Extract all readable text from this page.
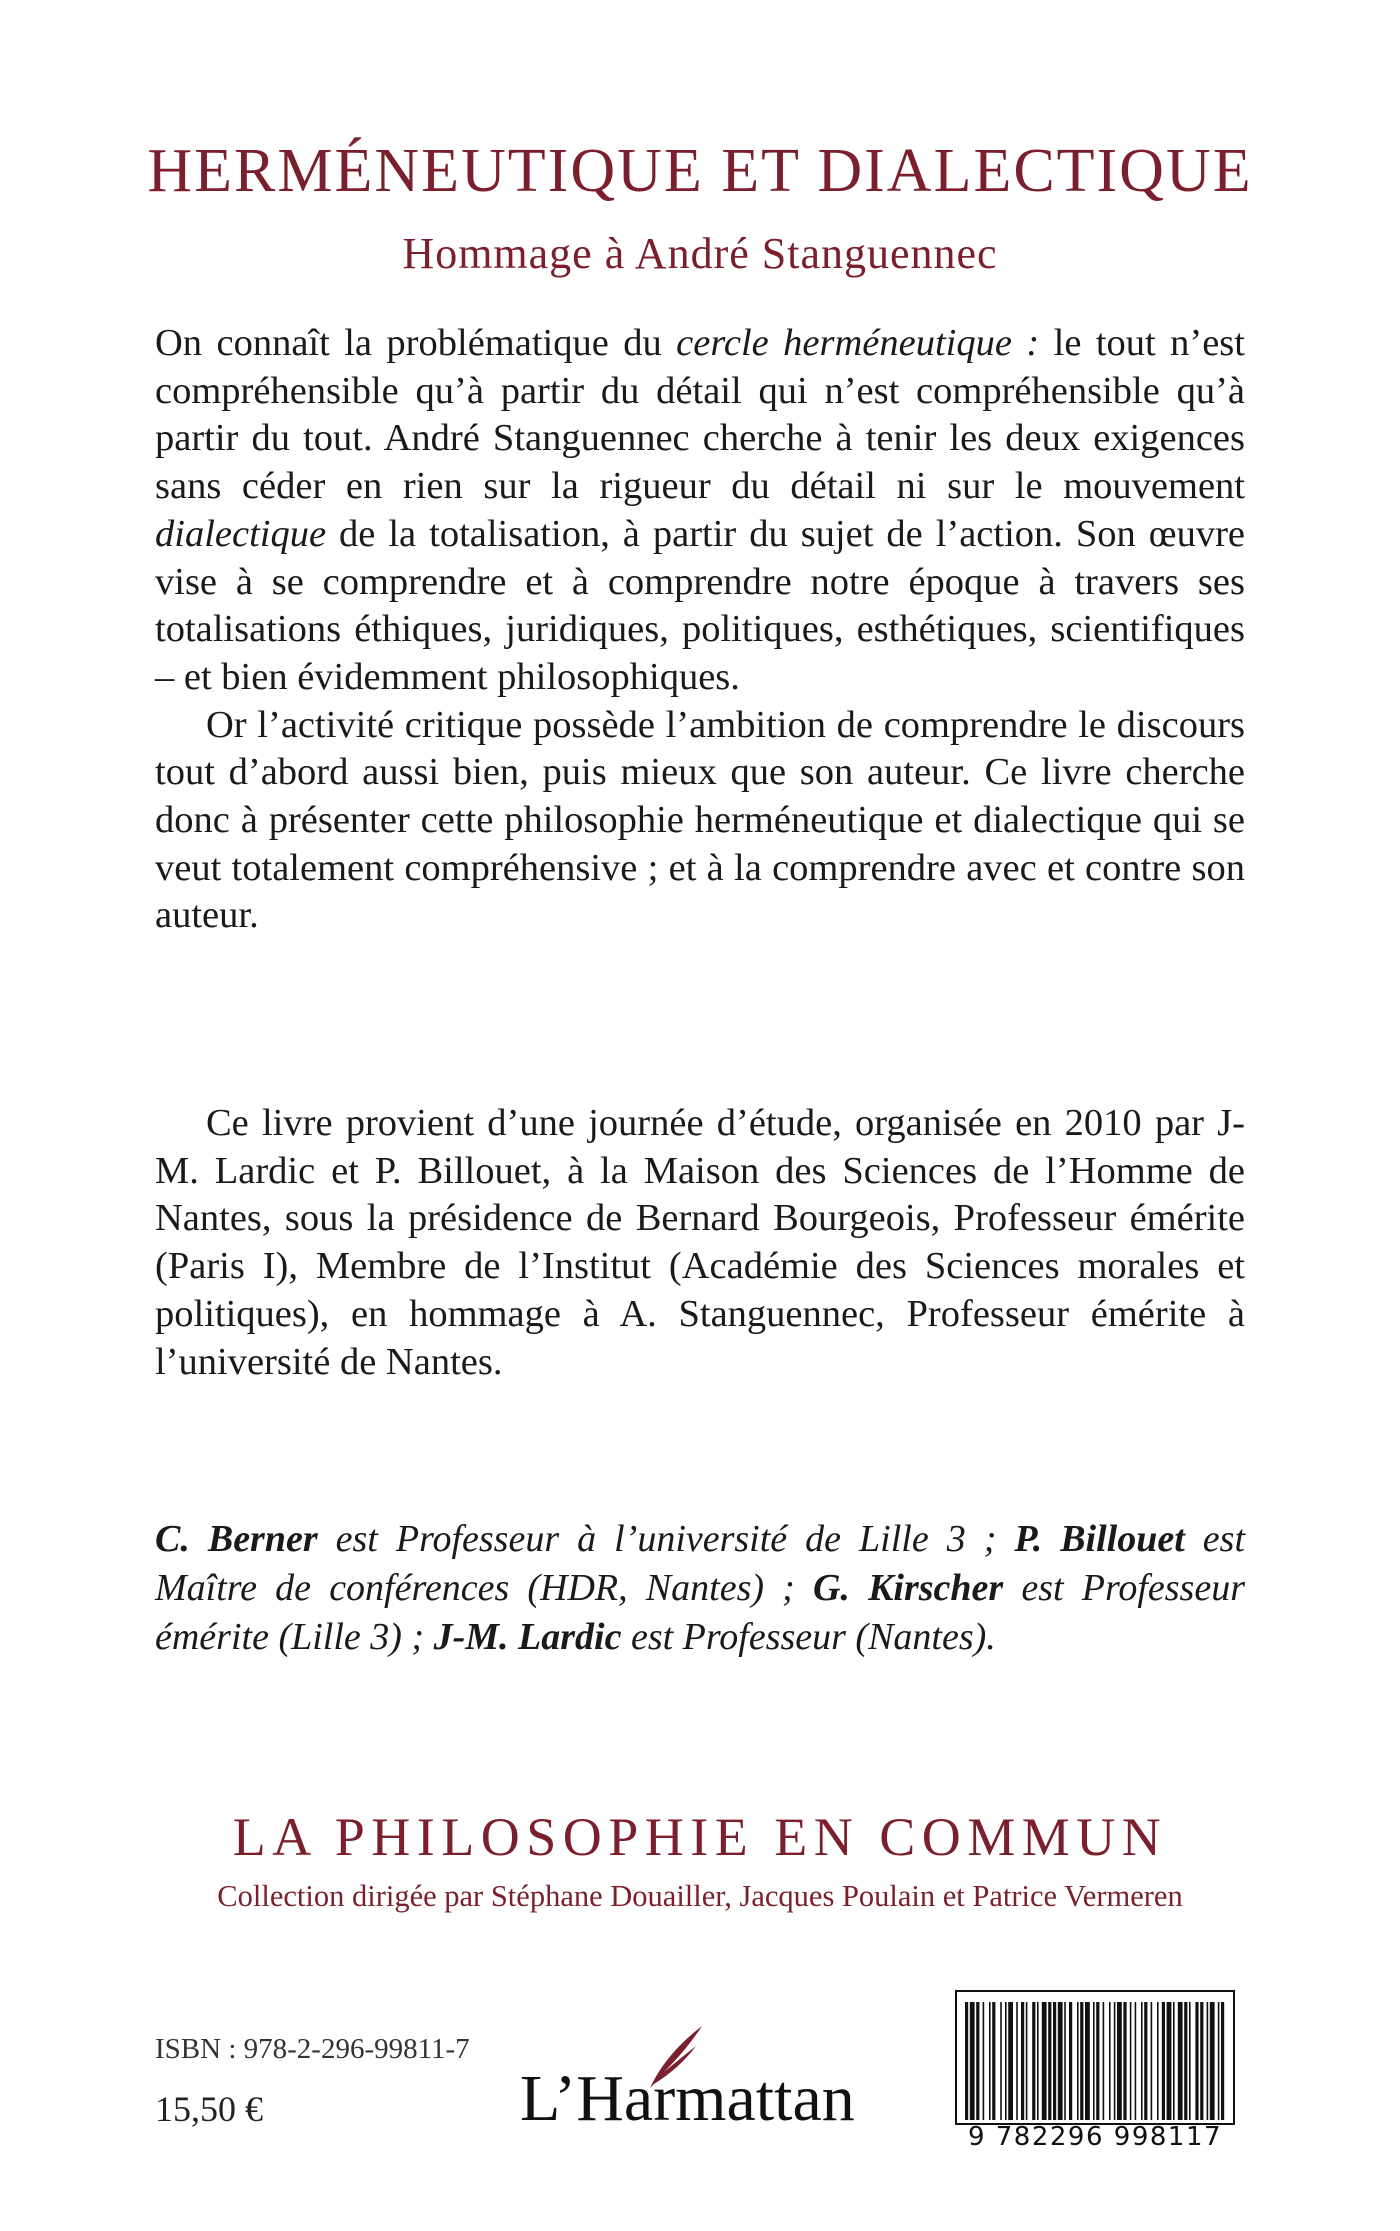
HERMÉNEUTIQUE ET DIALECTIQUE
Hommage à André Stanguennec

On connaît la problématique du cercle herméneutique : le tout n’est compréhensible qu’à partir du détail qui n’est compréhensible qu’à partir du tout. André Stanguennec cherche à tenir les deux exigences sans céder en rien sur la rigueur du détail ni sur le mouvement dialectique de la totalisation, à partir du sujet de l’action. Son œuvre vise à se comprendre et à comprendre notre époque à travers ses totalisations éthiques, juridiques, politiques, esthétiques, scientifiques – et bien évidemment philosophiques.

Or l’activité critique possède l’ambition de comprendre le discours tout d’abord aussi bien, puis mieux que son auteur. Ce livre cherche donc à présenter cette philosophie herméneutique et dialectique qui se veut totalement compréhensive ; et à la comprendre avec et contre son auteur.

Ce livre provient d’une journée d’étude, organisée en 2010 par J-M. Lardic et P. Billouet, à la Maison des Sciences de l’Homme de Nantes, sous la présidence de Bernard Bourgeois, Professeur émérite (Paris I), Membre de l’Institut (Académie des Sciences morales et politiques), en hommage à A. Stanguennec, Professeur émérite à l’université de Nantes.
C. Berner est Professeur à l’université de Lille 3 ; P. Billouet est Maître de conférences (HDR, Nantes) ; G. Kirscher est Professeur émérite (Lille 3) ; J-M. Lardic est Professeur (Nantes).
LA PHILOSOPHIE EN COMMUN
Collection dirigée par Stéphane Douailler, Jacques Poulain et Patrice Vermeren
ISBN : 978-2-296-99811-7
15,50 €	L’Harmattan
9 782296 998117
